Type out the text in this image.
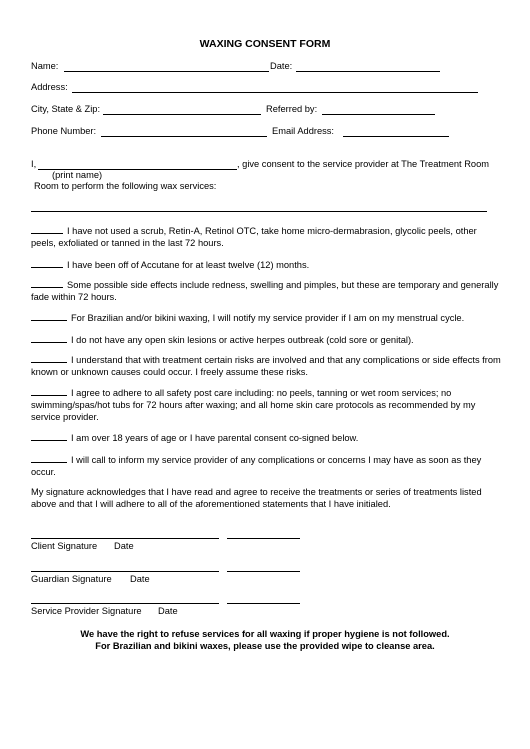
WAXING CONSENT FORM
Name:	Date:
Address:
City, State & Zip:	Referred by:
Phone Number:	Email Address:
I,	, give consent to the service provider at The Treatment Room
(print name)
Room to perform the following wax services:
I have not used a scrub, Retin-A, Retinol OTC, take home micro-dermabrasion, glycolic peels, other peels, exfoliated or tanned in the last 72 hours.
I have been off of Accutane for at least twelve (12) months.
Some possible side effects include redness, swelling and pimples, but these are temporary and generally fade within 72 hours.
For Brazilian and/or bikini waxing, I will notify my service provider if I am on my menstrual cycle.
I do not have any open skin lesions or active herpes outbreak (cold sore or genital).
I understand that with treatment certain risks are involved and that any complications or side effects from known or unknown causes could occur. I freely assume these risks.
I agree to adhere to all safety post care including: no peels, tanning or wet room services; no swimming/spas/hot tubs for 72 hours after waxing; and all home skin care protocols as recommended by my service provider.
I am over 18 years of age or I have parental consent co-signed below.
I will call to inform my service provider of any complications or concerns I may have as soon as they occur.
My signature acknowledges that I have read and agree to receive the treatments or series of treatments listed above and that I will adhere to all of the aforementioned statements that I have initialed.
Client Signature Date
Guardian Signature Date
Service Provider Signature Date
We have the right to refuse services for all waxing if proper hygiene is not followed.
For Brazilian and bikini waxes, please use the provided wipe to cleanse area.
